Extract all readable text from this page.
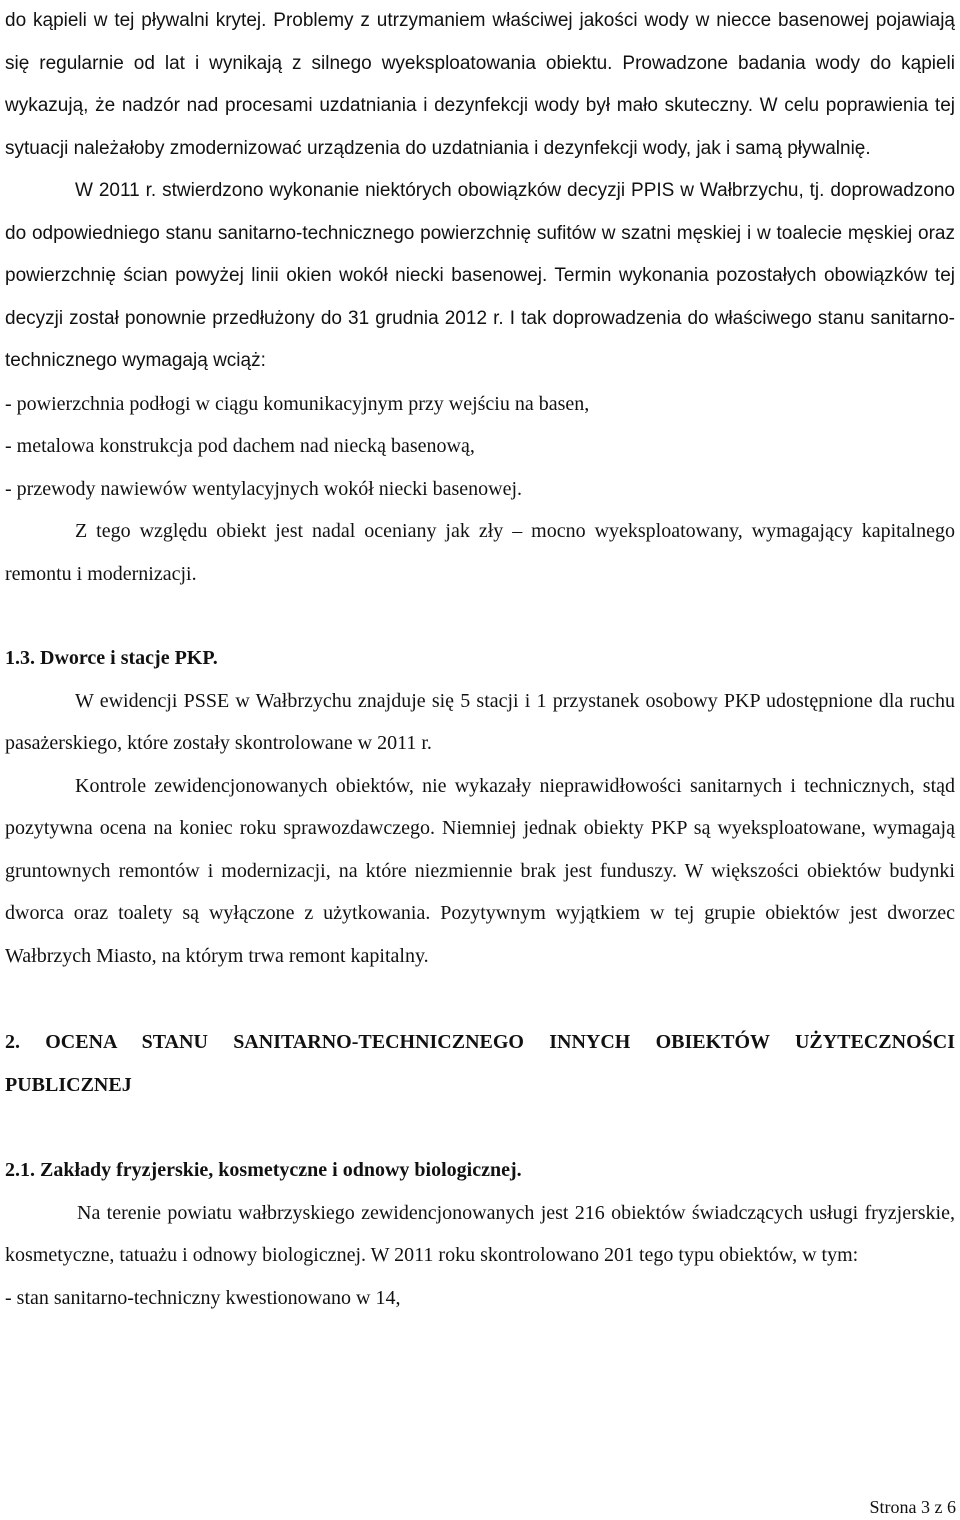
do kąpieli w tej pływalni krytej. Problemy z utrzymaniem właściwej jakości wody w niecce basenowej pojawiają się regularnie od lat i wynikają z silnego wyeksploatowania obiektu. Prowadzone badania wody do kąpieli wykazują, że nadzór nad procesami uzdatniania i dezynfekcji wody był mało skuteczny. W celu poprawienia tej sytuacji należałoby zmodernizować urządzenia do uzdatniania i dezynfekcji wody, jak i samą pływalnię.

W 2011 r. stwierdzono wykonanie niektórych obowiązków decyzji PPIS w Wałbrzychu, tj. doprowadzono do odpowiedniego stanu sanitarno-technicznego powierzchnię sufitów w szatni męskiej i w toalecie męskiej oraz powierzchnię ścian powyżej linii okien wokół niecki basenowej. Termin wykonania pozostałych obowiązków tej decyzji został ponownie przedłużony do 31 grudnia 2012 r. I tak doprowadzenia do właściwego stanu sanitarno-technicznego wymagają wciąż:

- powierzchnia podłogi w ciągu komunikacyjnym przy wejściu na basen,

- metalowa konstrukcja pod dachem nad niecką basenową,

- przewody nawiewów wentylacyjnych wokół niecki basenowej.

Z tego względu obiekt jest nadal oceniany jak zły – mocno wyeksploatowany, wymagający kapitalnego remontu i modernizacji.

1.3. Dworce i stacje PKP.

W ewidencji PSSE w Wałbrzychu znajduje się 5 stacji i 1 przystanek osobowy PKP udostępnione dla ruchu pasażerskiego, które zostały skontrolowane w 2011 r.

Kontrole zewidencjonowanych obiektów, nie wykazały nieprawidłowości sanitarnych i technicznych, stąd pozytywna ocena na koniec roku sprawozdawczego. Niemniej jednak obiekty PKP są wyeksploatowane, wymagają gruntownych remontów i modernizacji, na które niezmiennie brak jest funduszy. W większości obiektów budynki dworca oraz toalety są wyłączone z użytkowania. Pozytywnym wyjątkiem w tej grupie obiektów jest dworzec Wałbrzych Miasto, na którym trwa remont kapitalny.

2. OCENA STANU SANITARNO-TECHNICZNEGO INNYCH OBIEKTÓW UŻYTECZNOŚCI PUBLICZNEJ

2.1. Zakłady fryzjerskie, kosmetyczne i odnowy biologicznej.

Na terenie powiatu wałbrzyskiego zewidencjonowanych jest 216 obiektów świadczących usługi fryzjerskie, kosmetyczne, tatuażu i odnowy biologicznej. W 2011 roku skontrolowano 201 tego typu obiektów, w tym:

- stan sanitarno-techniczny kwestionowano w 14,

Strona 3 z 6
